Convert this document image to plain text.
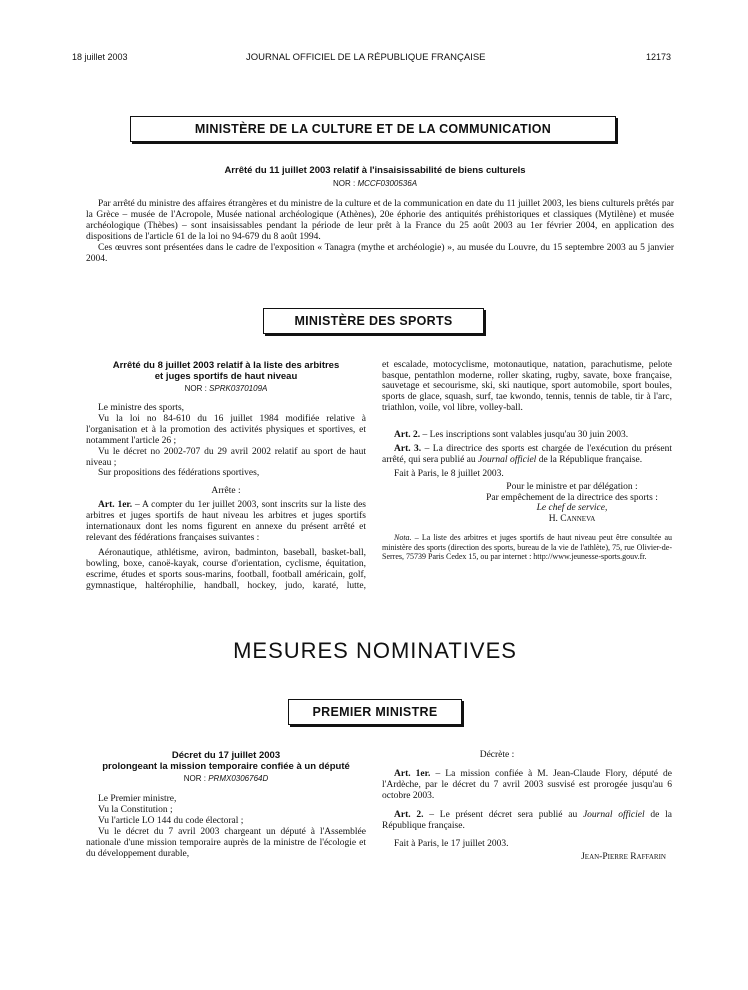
18 juillet 2003	JOURNAL OFFICIEL DE LA RÉPUBLIQUE FRANÇAISE	12173
MINISTÈRE DE LA CULTURE ET DE LA COMMUNICATION
Arrêté du 11 juillet 2003 relatif à l'insaisissabilité de biens culturels
NOR : MCCF0300536A

Par arrêté du ministre des affaires étrangères et du ministre de la culture et de la communication en date du 11 juillet 2003, les biens culturels prêtés par la Grèce – musée de l'Acropole, Musée national archéologique (Athènes), 20e éphorie des antiquités préhistoriques et classiques (Mytilène) et musée archéologique (Thèbes) – sont insaisissables pendant la période de leur prêt à la France du 25 août 2003 au 1er février 2004, en application des dispositions de l'article 61 de la loi no 94-679 du 8 août 1994.

Ces œuvres sont présentées dans le cadre de l'exposition « Tanagra (mythe et archéologie) », au musée du Louvre, du 15 septembre 2003 au 5 janvier 2004.

MINISTÈRE DES SPORTS
Arrêté du 8 juillet 2003 relatif à la liste des arbitres
et juges sportifs de haut niveau
NOR : SPRK0370109A

Le ministre des sports,

Vu la loi no 84-610 du 16 juillet 1984 modifiée relative à l'organisation et à la promotion des activités physiques et sportives, et notamment l'article 26 ;

Vu le décret no 2002-707 du 29 avril 2002 relatif au sport de haut niveau ;

Sur propositions des fédérations sportives,

Arrête :

Art. 1er. – A compter du 1er juillet 2003, sont inscrits sur la liste des arbitres et juges sportifs de haut niveau les arbitres et juges sportifs internationaux dont les noms figurent en annexe du présent arrêté et relevant des fédérations françaises suivantes :

Aéronautique, athlétisme, aviron, badminton, baseball, basket-ball, bowling, boxe, canoë-kayak, course d'orientation, cyclisme, équitation, escrime, études et sports sous-marins, football, football américain, golf, gymnastique, haltérophilie, handball, hockey, judo, karaté, lutte,

et escalade, motocyclisme, motonautique, natation, parachutisme, pelote basque, pentathlon moderne, roller skating, rugby, savate, boxe française, sauvetage et secourisme, ski, ski nautique, sport automobile, sport boules, sports de glace, squash, surf, tae kwondo, tennis, tennis de table, tir à l'arc, triathlon, voile, vol libre, volley-ball.

Art. 2. – Les inscriptions sont valables jusqu'au 30 juin 2003.

Art. 3. – La directrice des sports est chargée de l'exécution du présent arrêté, qui sera publié au Journal officiel de la République française.

Fait à Paris, le 8 juillet 2003.

Pour le ministre et par délégation :
Par empêchement de la directrice des sports :
Le chef de service,
H. Canneva

Nota. – La liste des arbitres et juges sportifs de haut niveau peut être consultée au ministère des sports (direction des sports, bureau de la vie de l'athlète), 75, rue Olivier-de-Serres, 75739 Paris Cedex 15, ou par internet : http://www.jeunesse-sports.gouv.fr.

MESURES NOMINATIVES
PREMIER MINISTRE
Décret du 17 juillet 2003
prolongeant la mission temporaire confiée à un député
NOR : PRMX0306764D

Le Premier ministre,

Vu la Constitution ;

Vu l'article LO 144 du code électoral ;

Vu le décret du 7 avril 2003 chargeant un député à l'Assemblée nationale d'une mission temporaire auprès de la ministre de l'écologie et du développement durable,

Décrète :

Art. 1er. – La mission confiée à M. Jean-Claude Flory, député de l'Ardèche, par le décret du 7 avril 2003 susvisé est prorogée jusqu'au 6 octobre 2003.

Art. 2. – Le présent décret sera publié au Journal officiel de la République française.

Fait à Paris, le 17 juillet 2003.

Jean-Pierre Raffarin
